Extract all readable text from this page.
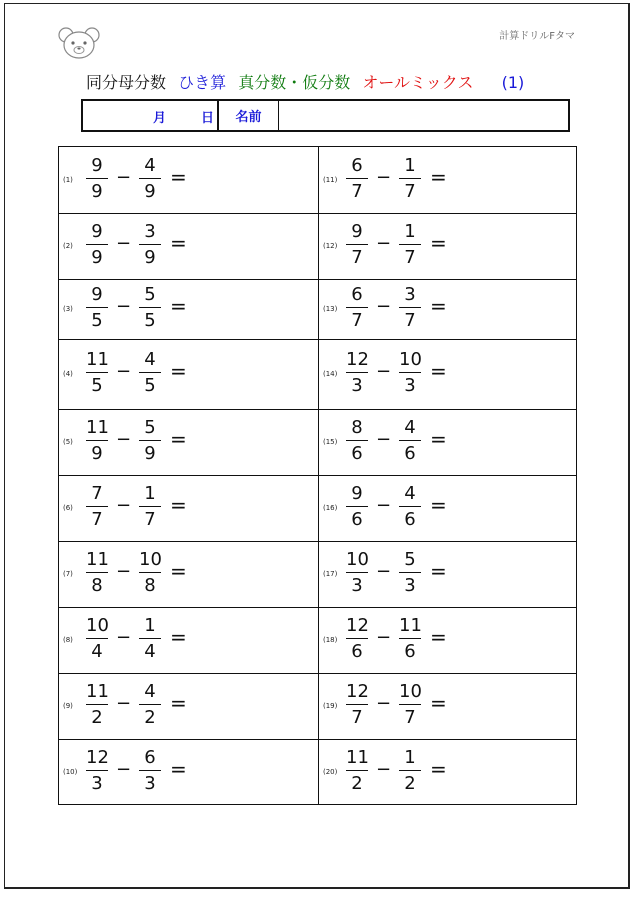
計算ドリルFタマ
同分母分数 ひき算 真分数・仮分数 オールミックス (1)
月	日	名前
(1)
9
9
−
4
9
=
(2)
9
9
−
3
9
=
(3)
9
5
−
5
5
=
(4)
11
5
−
4
5
=
(5)
11
9
−
5
9
=
(6)
7
7
−
1
7
=
(7)
11
8
−
10
8
=
(8)
10
4
−
1
4
=
(9)
11
2
−
4
2
=
(10)
12
3
−
6
3
=
(11)
6
7
−
1
7
=
(12)
9
7
−
1
7
=
(13)
6
7
−
3
7
=
(14)
12
3
−
10
3
=
(15)
8
6
−
4
6
=
(16)
9
6
−
4
6
=
(17)
10
3
−
5
3
=
(18)
12
6
−
11
6
=
(19)
12
7
−
10
7
=
(20)
11
2
−
1
2
=
